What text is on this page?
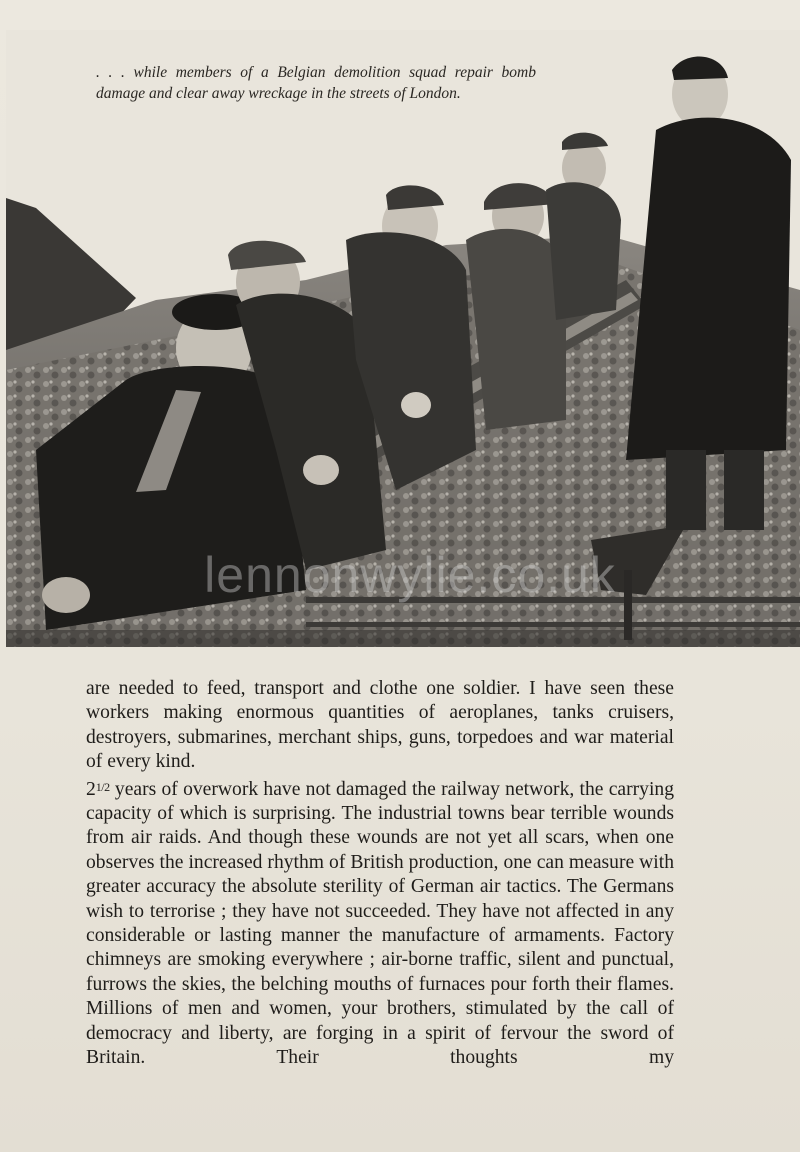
. . . while members of a Belgian demolition squad repair bomb damage and clear away wreckage in the streets of London.
lennonwylie.co.uk

are needed to feed, transport and clothe one soldier. I have seen these workers making enormous quantities of aeroplanes, tanks cruisers, destroyers, submarines, merchant ships, guns, torpedoes and war material of every kind.

$2^{1/2}$ years of overwork have not damaged the railway network, the carrying capacity of which is surprising. The industrial towns bear terrible wounds from air raids. And though these wounds are not yet all scars, when one observes the increased rhythm of British production, one can measure with greater accuracy the absolute sterility of German air tactics. The Germans wish to terrorise ; they have not succeeded. They have not affected in any considerable or lasting manner the manufacture of armaments. Factory chimneys are smoking everywhere ; air-borne traffic, silent and punctual, furrows the skies, the belching mouths of furnaces pour forth their flames. Millions of men and women, your brothers, stimulated by the call of democracy and liberty, are forging in a spirit of fervour the sword of Britain. Their thoughts my
